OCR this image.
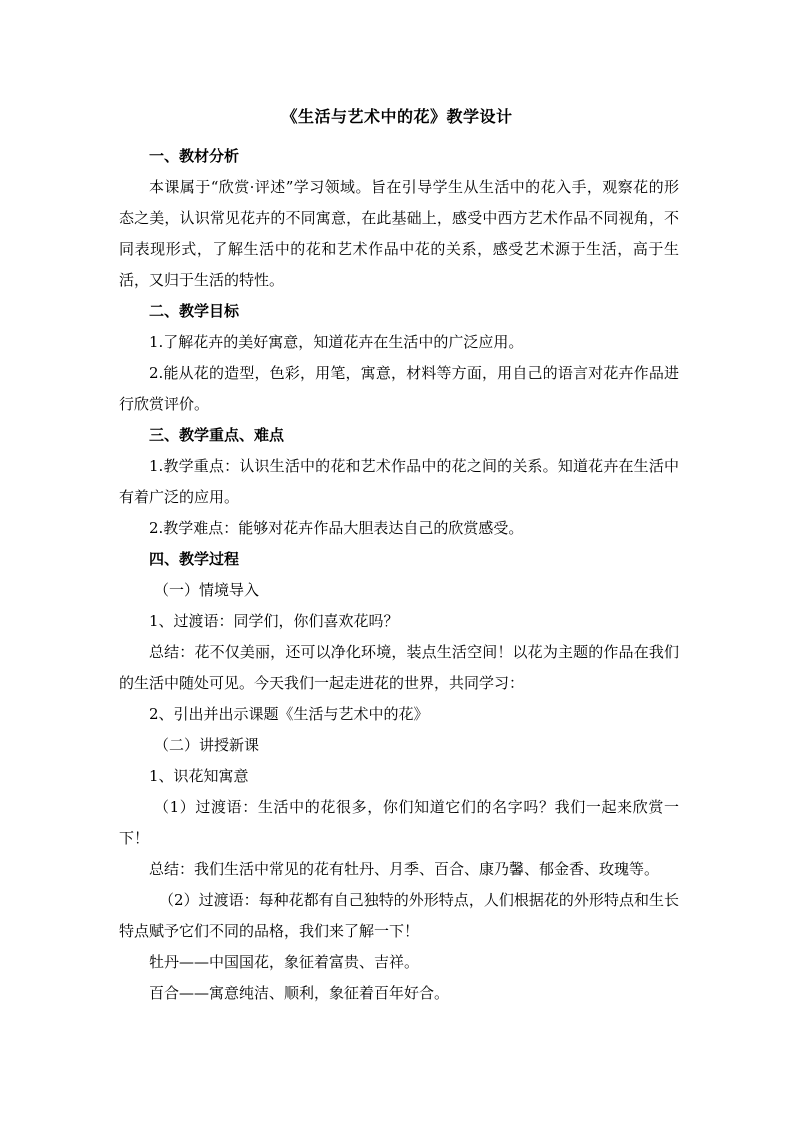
《生活与艺术中的花》教学设计

一、教材分析

本课属于“欣赏·评述”学习领域。旨在引导学生从生活中的花入手，观察花的形态之美，认识常见花卉的不同寓意，在此基础上，感受中西方艺术作品不同视角，不同表现形式，了解生活中的花和艺术作品中花的关系，感受艺术源于生活，高于生活，又归于生活的特性。

二、教学目标

1.了解花卉的美好寓意，知道花卉在生活中的广泛应用。

2.能从花的造型，色彩，用笔，寓意，材料等方面，用自己的语言对花卉作品进行欣赏评价。

三、教学重点、难点

1.教学重点：认识生活中的花和艺术作品中的花之间的关系。知道花卉在生活中有着广泛的应用。

2.教学难点：能够对花卉作品大胆表达自己的欣赏感受。

四、教学过程

（一）情境导入

1、过渡语：同学们，你们喜欢花吗？

总结：花不仅美丽，还可以净化环境，装点生活空间！以花为主题的作品在我们的生活中随处可见。今天我们一起走进花的世界，共同学习：

2、引出并出示课题《生活与艺术中的花》

（二）讲授新课

1、识花知寓意

（1）过渡语：生活中的花很多，你们知道它们的名字吗？我们一起来欣赏一下！

总结：我们生活中常见的花有牡丹、月季、百合、康乃馨、郁金香、玫瑰等。

（2）过渡语：每种花都有自己独特的外形特点，人们根据花的外形特点和生长特点赋予它们不同的品格，我们来了解一下！

牡丹——中国国花，象征着富贵、吉祥。

百合——寓意纯洁、顺利，象征着百年好合。
